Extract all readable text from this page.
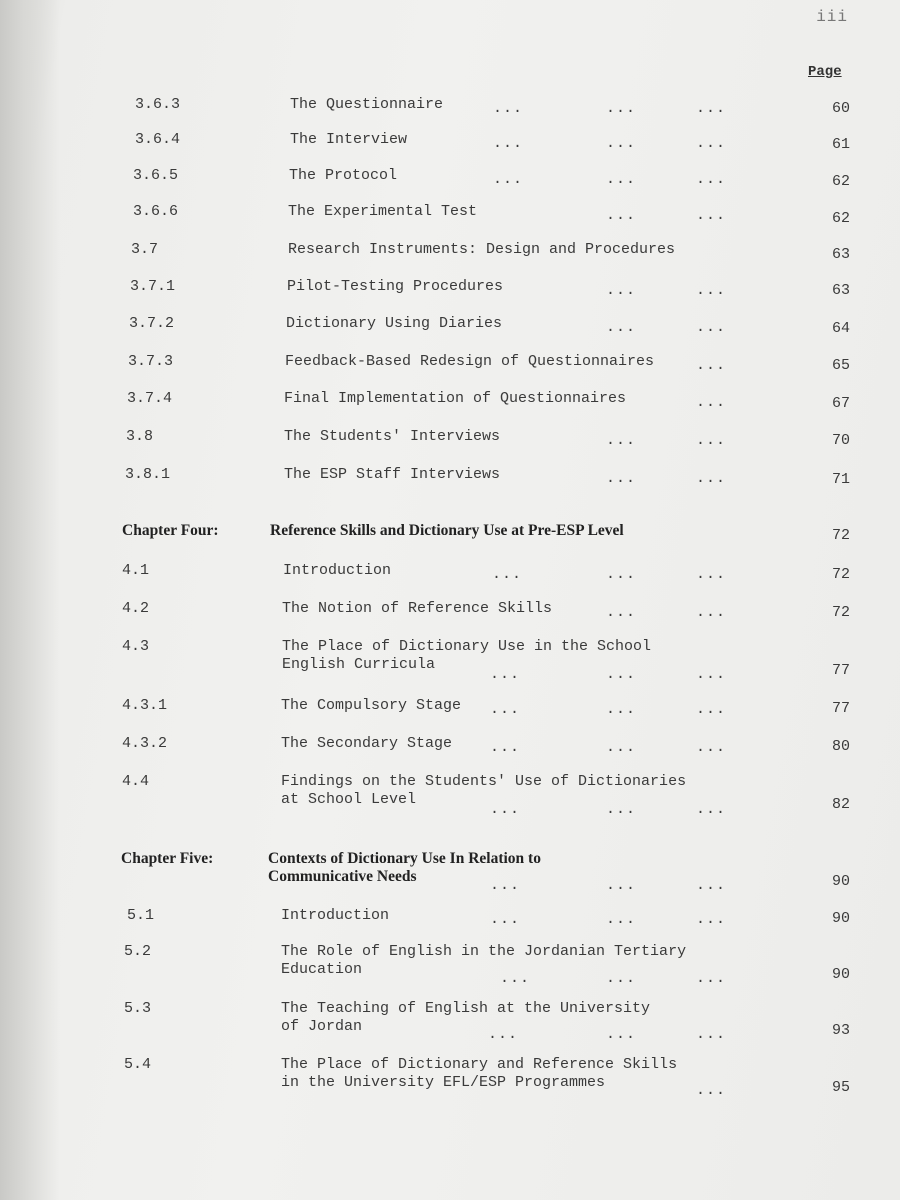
iii
Page
3.6.3	The Questionnaire	...	...	...	60
3.6.4	The Interview	...	...	...	61
3.6.5	The Protocol	...	...	...	62
3.6.6	The Experimental Test	...	...	62
3.7	Research Instruments: Design and Procedures	63
3.7.1	Pilot-Testing Procedures	...	...	63
3.7.2	Dictionary Using Diaries	...	...	64
3.7.3	Feedback-Based Redesign of Questionnaires	...	65
3.7.4	Final Implementation of Questionnaires	...	67
3.8	The Students' Interviews	...	...	70
3.8.1	The ESP Staff Interviews	...	...	71
Chapter Four:	Reference Skills and Dictionary Use at Pre-ESP Level	72
4.1	Introduction	...	...	...	72
4.2	The Notion of Reference Skills	...	...	72
4.3	The Place of Dictionary Use in the School
English Curricula
...	...	...	77
4.3.1	The Compulsory Stage ...	...	...	77
4.3.2	The Secondary Stage	...	...	...	80
4.4	Findings on the Students' Use of Dictionaries
at School Level
...	...	...	82
Chapter Five:	Contexts of Dictionary Use In Relation to
Communicative Needs
...	...	...	90
5.1	Introduction	...	...	...	90
5.2	The Role of English in the Jordanian Tertiary
Education
...	...	...	90
5.3	The Teaching of English at the University
of Jordan	...	...	...	93
5.4	The Place of Dictionary and Reference Skills
in the University EFL/ESP Programmes	...	95
